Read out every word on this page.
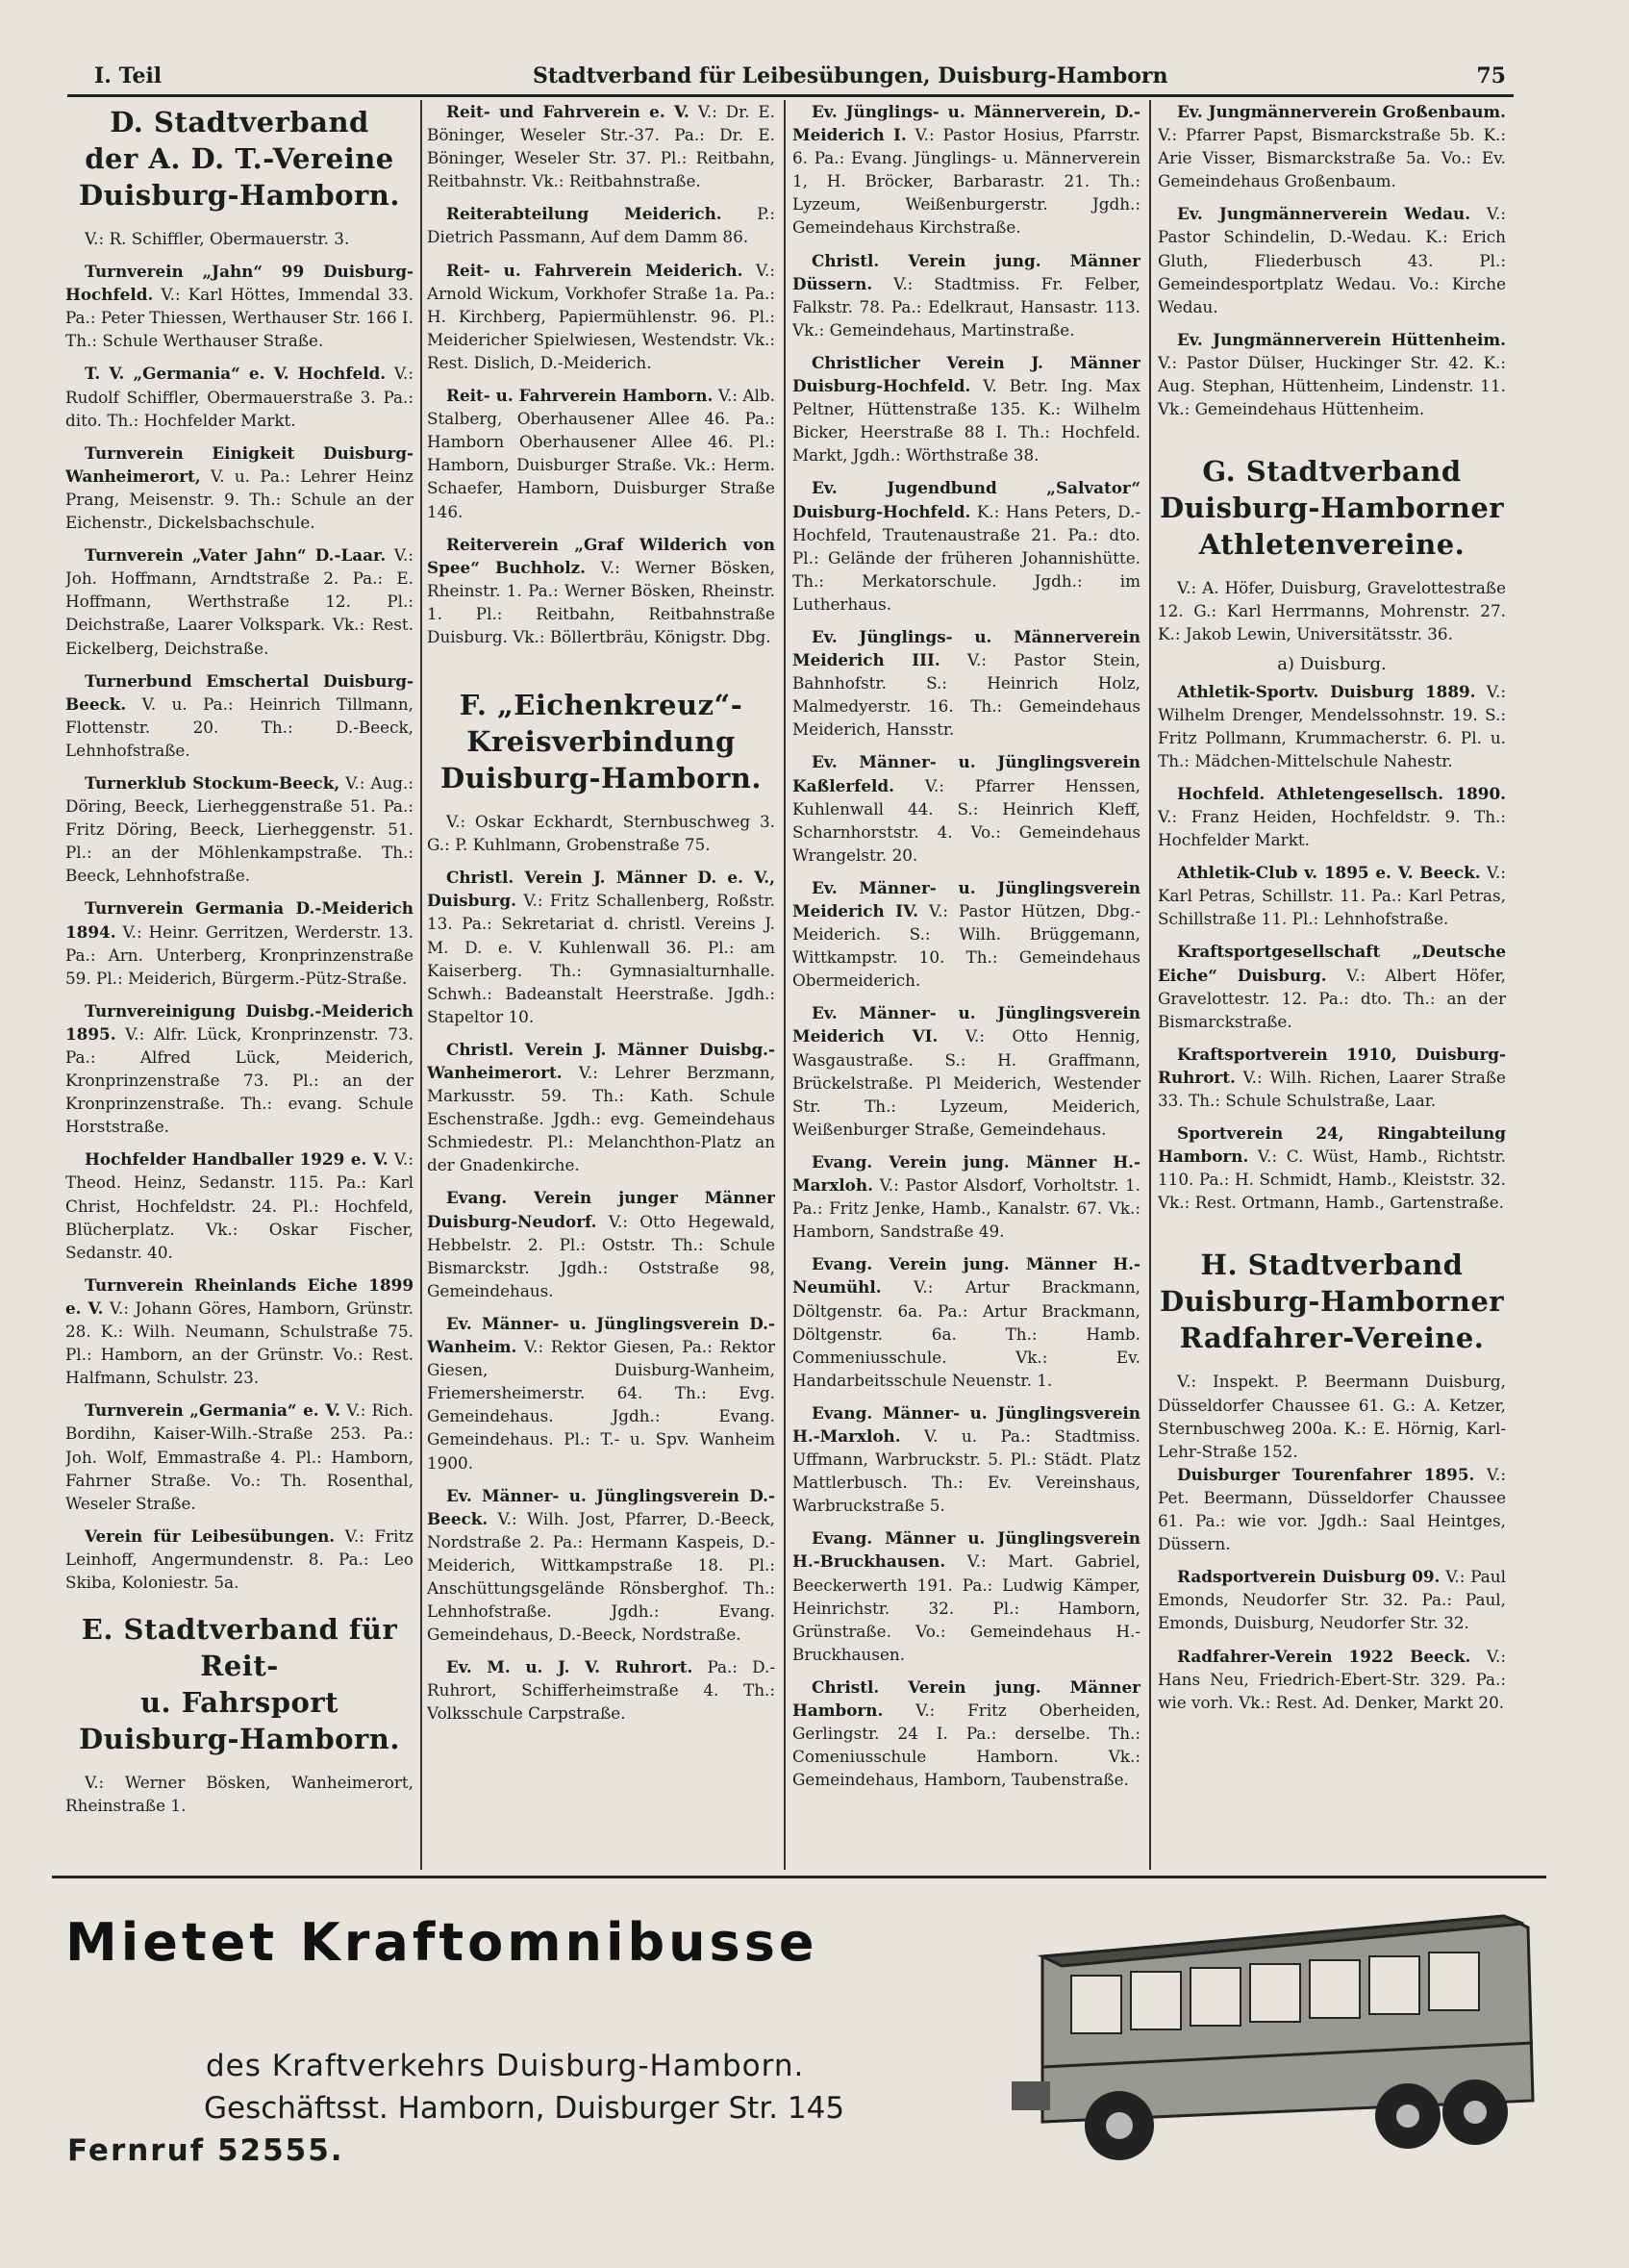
I. Teil	Stadtverband für Leibesübungen, Duisburg-Hamborn	75
D. Stadtverband
der A. D. T.-Vereine
Duisburg-Hamborn.

V.: R. Schiffler, Obermauerstr. 3.

Turnverein „Jahn“ 99 Duisburg-Hochfeld. V.: Karl Höttes, Immendal 33. Pa.: Peter Thiessen, Werthauser Str. 166 I. Th.: Schule Werthauser Straße.

T. V. „Germania“ e. V. Hochfeld. V.: Rudolf Schiffler, Obermauerstraße 3. Pa.: dito. Th.: Hochfelder Markt.

Turnverein Einigkeit Duisburg-Wanheimerort, V. u. Pa.: Lehrer Heinz Prang, Meisenstr. 9. Th.: Schule an der Eichenstr., Dickelsbachschule.

Turnverein „Vater Jahn“ D.-Laar. V.: Joh. Hoffmann, Arndtstraße 2. Pa.: E. Hoffmann, Werthstraße 12. Pl.: Deichstraße, Laarer Volkspark. Vk.: Rest. Eickelberg, Deichstraße.

Turnerbund Emschertal Duisburg-Beeck. V. u. Pa.: Heinrich Tillmann, Flottenstr. 20. Th.: D.-Beeck, Lehnhofstraße.

Turnerklub Stockum-Beeck, V.: Aug.: Döring, Beeck, Lierheggenstraße 51. Pa.: Fritz Döring, Beeck, Lierheggenstr. 51. Pl.: an der Möhlenkampstraße. Th.: Beeck, Lehnhofstraße.

Turnverein Germania D.-Meiderich 1894. V.: Heinr. Gerritzen, Werderstr. 13. Pa.: Arn. Unterberg, Kronprinzenstraße 59. Pl.: Meiderich, Bürgerm.-Pütz-Straße.

Turnvereinigung Duisbg.-Meiderich 1895. V.: Alfr. Lück, Kronprinzenstr. 73. Pa.: Alfred Lück, Meiderich, Kronprinzenstraße 73. Pl.: an der Kronprinzenstraße. Th.: evang. Schule Horststraße.

Hochfelder Handballer 1929 e. V. V.: Theod. Heinz, Sedanstr. 115. Pa.: Karl Christ, Hochfeldstr. 24. Pl.: Hochfeld, Blücherplatz. Vk.: Oskar Fischer, Sedanstr. 40.

Turnverein Rheinlands Eiche 1899 e. V. V.: Johann Göres, Hamborn, Grünstr. 28. K.: Wilh. Neumann, Schulstraße 75. Pl.: Hamborn, an der Grünstr. Vo.: Rest. Halfmann, Schulstr. 23.

Turnverein „Germania“ e. V. V.: Rich. Bordihn, Kaiser-Wilh.-Straße 253. Pa.: Joh. Wolf, Emmastraße 4. Pl.: Hamborn, Fahrner Straße. Vo.: Th. Rosenthal, Weseler Straße.

Verein für Leibesübungen. V.: Fritz Leinhoff, Angermundenstr. 8. Pa.: Leo Skiba, Koloniestr. 5a.

E. Stadtverband für Reit-
u. Fahrsport
Duisburg-Hamborn.

V.: Werner Bösken, Wanheimerort, Rheinstraße 1.

Reit- und Fahrverein e. V. V.: Dr. E. Böninger, Weseler Str.-37. Pa.: Dr. E. Böninger, Weseler Str. 37. Pl.: Reitbahn, Reitbahnstr. Vk.: Reitbahnstraße.

Reiterabteilung Meiderich. P.: Dietrich Passmann, Auf dem Damm 86.

Reit- u. Fahrverein Meiderich. V.: Arnold Wickum, Vorkhofer Straße 1a. Pa.: H. Kirchberg, Papiermühlenstr. 96. Pl.: Meidericher Spielwiesen, Westendstr. Vk.: Rest. Dislich, D.-Meiderich.

Reit- u. Fahrverein Hamborn. V.: Alb. Stalberg, Oberhausener Allee 46. Pa.: Hamborn Oberhausener Allee 46. Pl.: Hamborn, Duisburger Straße. Vk.: Herm. Schaefer, Hamborn, Duisburger Straße 146.

Reiterverein „Graf Wilderich von Spee“ Buchholz. V.: Werner Bösken, Rheinstr. 1. Pa.: Werner Bösken, Rheinstr. 1. Pl.: Reitbahn, Reitbahnstraße Duisburg. Vk.: Böllertbräu, Königstr. Dbg.

F. „Eichenkreuz“-
Kreisverbindung
Duisburg-Hamborn.

V.: Oskar Eckhardt, Sternbuschweg 3. G.: P. Kuhlmann, Grobenstraße 75.

Christl. Verein J. Männer D. e. V., Duisburg. V.: Fritz Schallenberg, Roßstr. 13. Pa.: Sekretariat d. christl. Vereins J. M. D. e. V. Kuhlenwall 36. Pl.: am Kaiserberg. Th.: Gymnasialturnhalle. Schwh.: Badeanstalt Heerstraße. Jgdh.: Stapeltor 10.

Christl. Verein J. Männer Duisbg.-Wanheimerort. V.: Lehrer Berzmann, Markusstr. 59. Th.: Kath. Schule Eschenstraße. Jgdh.: evg. Gemeindehaus Schmiedestr. Pl.: Melanchthon-Platz an der Gnadenkirche.

Evang. Verein junger Männer Duisburg-Neudorf. V.: Otto Hegewald, Hebbelstr. 2. Pl.: Oststr. Th.: Schule Bismarckstr. Jgdh.: Oststraße 98, Gemeindehaus.

Ev. Männer- u. Jünglingsverein D.-Wanheim. V.: Rektor Giesen, Pa.: Rektor Giesen, Duisburg-Wanheim, Friemersheimerstr. 64. Th.: Evg. Gemeindehaus. Jgdh.: Evang. Gemeindehaus. Pl.: T.- u. Spv. Wanheim 1900.

Ev. Männer- u. Jünglingsverein D.-Beeck. V.: Wilh. Jost, Pfarrer, D.-Beeck, Nordstraße 2. Pa.: Hermann Kaspeis, D.-Meiderich, Wittkampstraße 18. Pl.: Anschüttungsgelände Rönsberghof. Th.: Lehnhofstraße. Jgdh.: Evang. Gemeindehaus, D.-Beeck, Nordstraße.

Ev. M. u. J. V. Ruhrort. Pa.: D.-Ruhrort, Schifferheimstraße 4. Th.: Volksschule Carpstraße.

Ev. Jünglings- u. Männerverein, D.-Meiderich I. V.: Pastor Hosius, Pfarrstr. 6. Pa.: Evang. Jünglings- u. Männerverein 1, H. Bröcker, Barbarastr. 21. Th.: Lyzeum, Weißenburgerstr. Jgdh.: Gemeindehaus Kirchstraße.

Christl. Verein jung. Männer Düssern. V.: Stadtmiss. Fr. Felber, Falkstr. 78. Pa.: Edelkraut, Hansastr. 113. Vk.: Gemeindehaus, Martinstraße.

Christlicher Verein J. Männer Duisburg-Hochfeld. V. Betr. Ing. Max Peltner, Hüttenstraße 135. K.: Wilhelm Bicker, Heerstraße 88 I. Th.: Hochfeld. Markt, Jgdh.: Wörthstraße 38.

Ev. Jugendbund „Salvator“ Duisburg-Hochfeld. K.: Hans Peters, D.-Hochfeld, Trautenaustraße 21. Pa.: dto. Pl.: Gelände der früheren Johannishütte. Th.: Merkatorschule. Jgdh.: im Lutherhaus.

Ev. Jünglings- u. Männerverein Meiderich III. V.: Pastor Stein, Bahnhofstr. S.: Heinrich Holz, Malmedyerstr. 16. Th.: Gemeindehaus Meiderich, Hansstr.

Ev. Männer- u. Jünglingsverein Kaßlerfeld. V.: Pfarrer Henssen, Kuhlenwall 44. S.: Heinrich Kleff, Scharnhorststr. 4. Vo.: Gemeindehaus Wrangelstr. 20.

Ev. Männer- u. Jünglingsverein Meiderich IV. V.: Pastor Hützen, Dbg.-Meiderich. S.: Wilh. Brüggemann, Wittkampstr. 10. Th.: Gemeindehaus Obermeiderich.

Ev. Männer- u. Jünglingsverein Meiderich VI. V.: Otto Hennig, Wasgaustraße. S.: H. Graffmann, Brückelstraße. Pl Meiderich, Westender Str. Th.: Lyzeum, Meiderich, Weißenburger Straße, Gemeindehaus.

Evang. Verein jung. Männer H.-Marxloh. V.: Pastor Alsdorf, Vorholtstr. 1. Pa.: Fritz Jenke, Hamb., Kanalstr. 67. Vk.: Hamborn, Sandstraße 49.

Evang. Verein jung. Männer H.-Neumühl. V.: Artur Brackmann, Döltgenstr. 6a. Pa.: Artur Brackmann, Döltgenstr. 6a. Th.: Hamb. Commeniusschule. Vk.: Ev. Handarbeitsschule Neuenstr. 1.

Evang. Männer- u. Jünglingsverein H.-Marxloh. V. u. Pa.: Stadtmiss. Uffmann, Warbruckstr. 5. Pl.: Städt. Platz Mattlerbusch. Th.: Ev. Vereinshaus, Warbruckstraße 5.

Evang. Männer u. Jünglingsverein H.-Bruckhausen. V.: Mart. Gabriel, Beeckerwerth 191. Pa.: Ludwig Kämper, Heinrichstr. 32. Pl.: Hamborn, Grünstraße. Vo.: Gemeindehaus H.-Bruckhausen.

Christl. Verein jung. Männer Hamborn. V.: Fritz Oberheiden, Gerlingstr. 24 I. Pa.: derselbe. Th.: Comeniusschule Hamborn. Vk.: Gemeindehaus, Hamborn, Taubenstraße.

Ev. Jungmännerverein Großenbaum. V.: Pfarrer Papst, Bismarckstraße 5b. K.: Arie Visser, Bismarckstraße 5a. Vo.: Ev. Gemeindehaus Großenbaum.

Ev. Jungmännerverein Wedau. V.: Pastor Schindelin, D.-Wedau. K.: Erich Gluth, Fliederbusch 43. Pl.: Gemeindesportplatz Wedau. Vo.: Kirche Wedau.

Ev. Jungmännerverein Hüttenheim. V.: Pastor Dülser, Huckinger Str. 42. K.: Aug. Stephan, Hüttenheim, Lindenstr. 11. Vk.: Gemeindehaus Hüttenheim.

G. Stadtverband
Duisburg-Hamborner
Athletenvereine.

V.: A. Höfer, Duisburg, Gravelottestraße 12. G.: Karl Herrmanns, Mohrenstr. 27. K.: Jakob Lewin, Universitätsstr. 36.

a) Duisburg.

Athletik-Sportv. Duisburg 1889. V.: Wilhelm Drenger, Mendelssohnstr. 19. S.: Fritz Pollmann, Krummacherstr. 6. Pl. u. Th.: Mädchen-Mittelschule Nahestr.

Hochfeld. Athletengesellsch. 1890. V.: Franz Heiden, Hochfeldstr. 9. Th.: Hochfelder Markt.

Athletik-Club v. 1895 e. V. Beeck. V.: Karl Petras, Schillstr. 11. Pa.: Karl Petras, Schillstraße 11. Pl.: Lehnhofstraße.

Kraftsportgesellschaft „Deutsche Eiche“ Duisburg. V.: Albert Höfer, Gravelottestr. 12. Pa.: dto. Th.: an der Bismarckstraße.

Kraftsportverein 1910, Duisburg-Ruhrort. V.: Wilh. Richen, Laarer Straße 33. Th.: Schule Schulstraße, Laar.

Sportverein 24, Ringabteilung Hamborn. V.: C. Wüst, Hamb., Richtstr. 110. Pa.: H. Schmidt, Hamb., Kleiststr. 32. Vk.: Rest. Ortmann, Hamb., Gartenstraße.

H. Stadtverband
Duisburg-Hamborner
Radfahrer-Vereine.

V.: Inspekt. P. Beermann Duisburg, Düsseldorfer Chaussee 61. G.: A. Ketzer, Sternbuschweg 200a. K.: E. Hörnig, Karl-Lehr-Straße 152.

Duisburger Tourenfahrer 1895. V.: Pet. Beermann, Düsseldorfer Chaussee 61. Pa.: wie vor. Jgdh.: Saal Heintges, Düssern.

Radsportverein Duisburg 09. V.: Paul Emonds, Neudorfer Str. 32. Pa.: Paul, Emonds, Duisburg, Neudorfer Str. 32.

Radfahrer-Verein 1922 Beeck. V.: Hans Neu, Friedrich-Ebert-Str. 329. Pa.: wie vorh. Vk.: Rest. Ad. Denker, Markt 20.

Mietet Kraftomnibusse
des Kraftverkehrs Duisburg-Hamborn.
Geschäftsst. Hamborn, Duisburger Str. 145
Fernruf 52555.
